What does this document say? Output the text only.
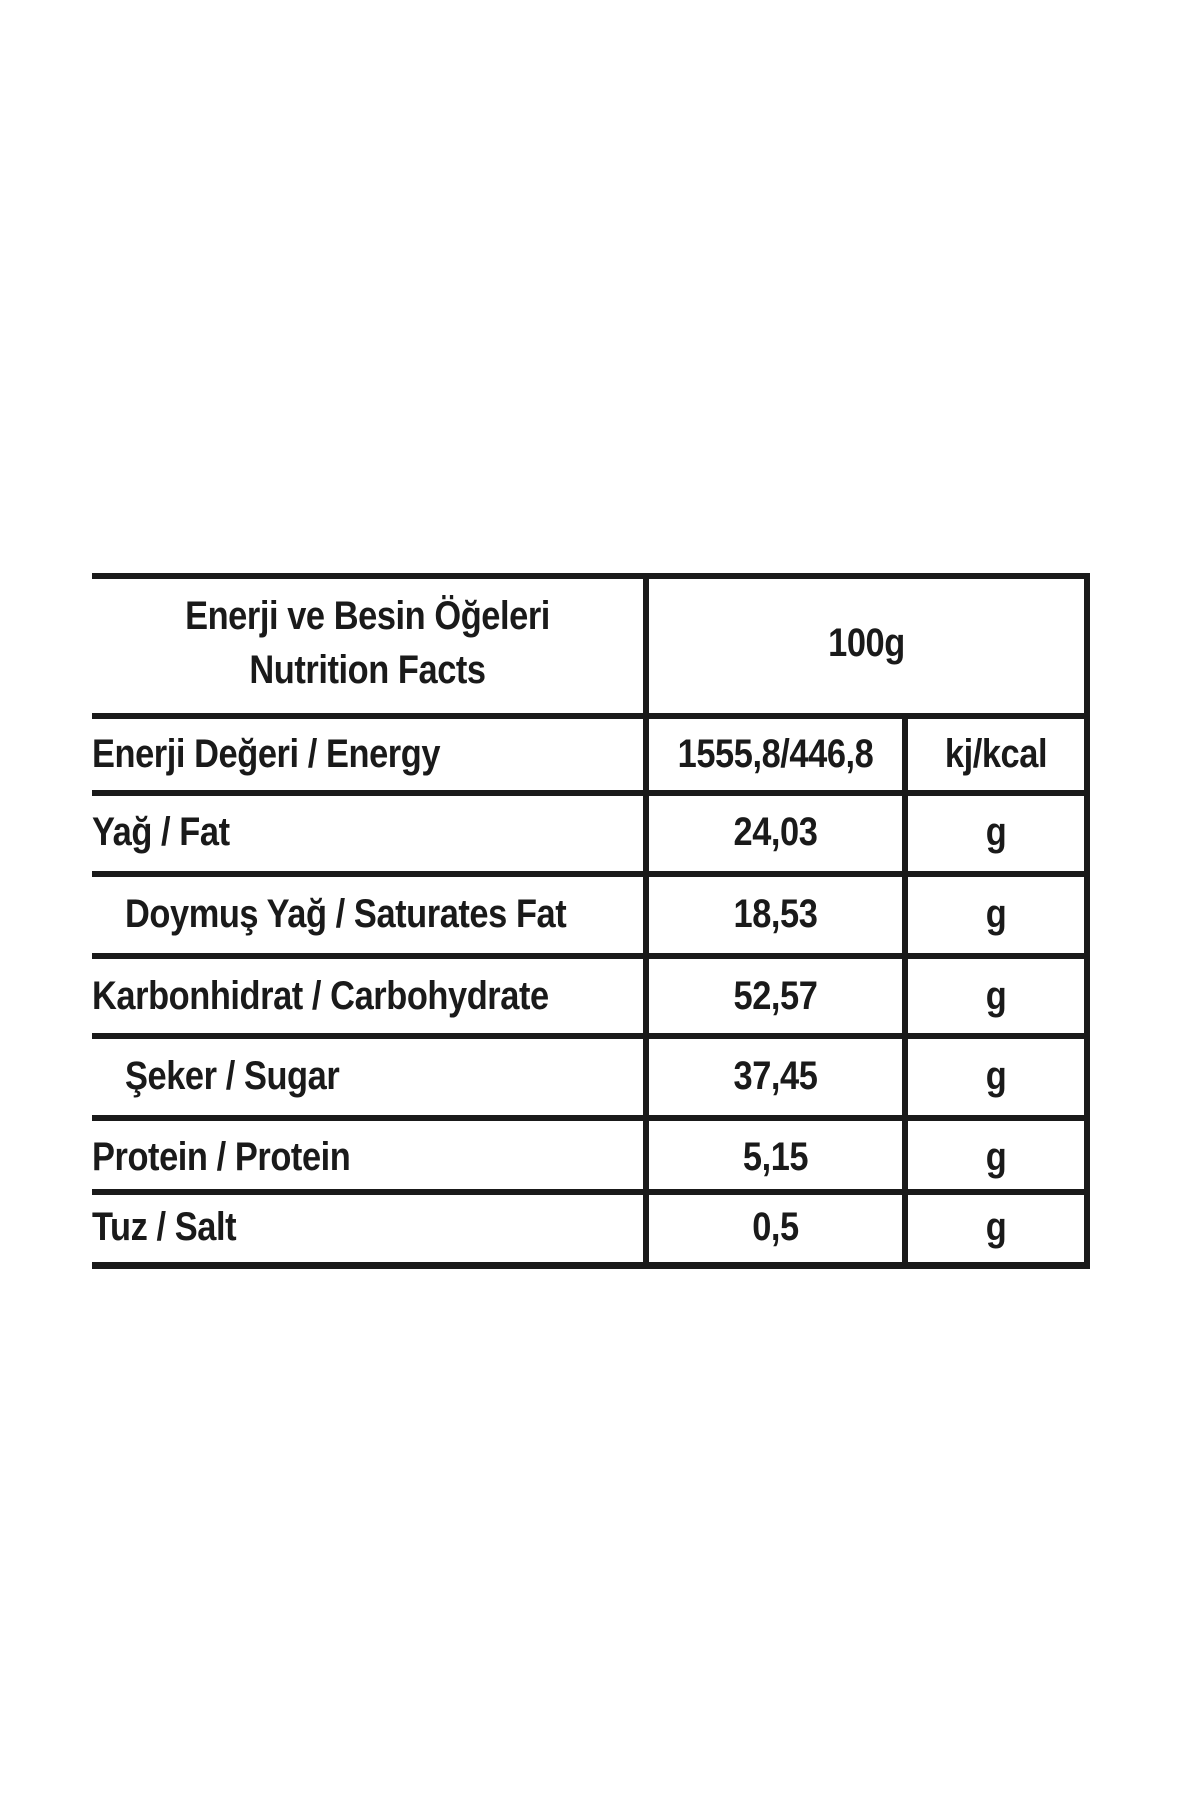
Enerji ve Besin Öğeleri
Nutrition Facts
100g
Enerji Değeri / Energy	1555,8/446,8	kj/kcal
Yağ / Fat	24,03	g
Doymuş Yağ / Saturates Fat	18,53	g
Karbonhidrat / Carbohydrate	52,57	g
Şeker / Sugar	37,45	g
Protein / Protein	5,15	g
Tuz / Salt	0,5	g
